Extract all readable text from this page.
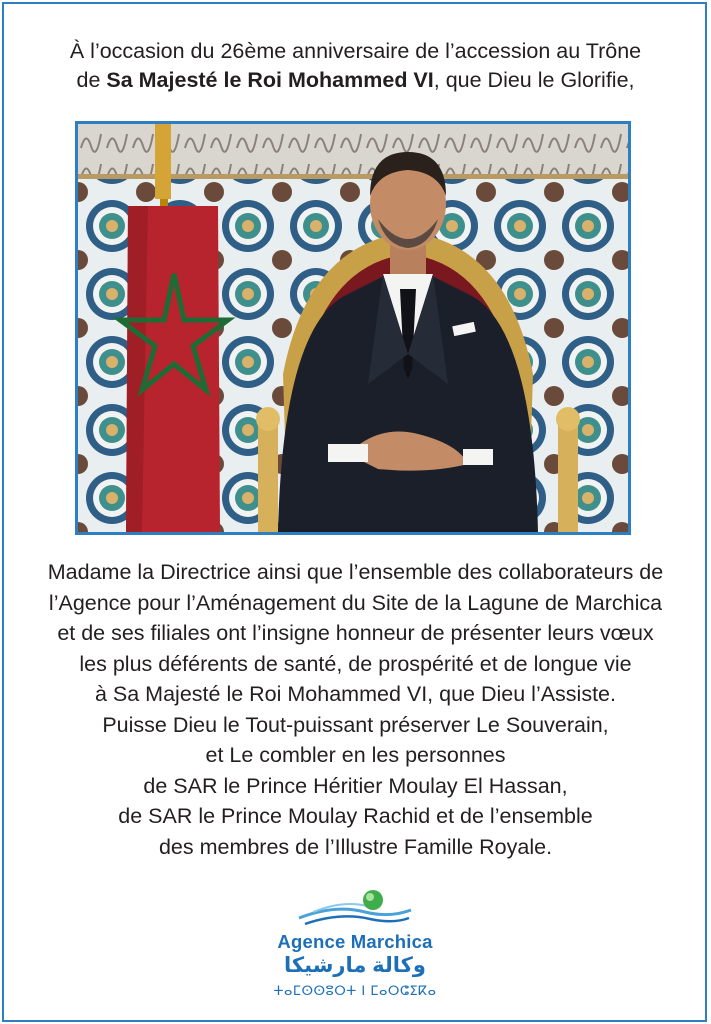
À l’occasion du 26ème anniversaire de l’accession au Trône
de Sa Majesté le Roi Mohammed VI, que Dieu le Glorifie,
Madame la Directrice ainsi que l’ensemble des collaborateurs de
l’Agence pour l’Aménagement du Site de la Lagune de Marchica
et de ses filiales ont l’insigne honneur de présenter leurs vœux
les plus déférents de santé, de prospérité et de longue vie
à Sa Majesté le Roi Mohammed VI, que Dieu l’Assiste.
Puisse Dieu le Tout-puissant préserver Le Souverain,
et Le combler en les personnes
de SAR le Prince Héritier Moulay El Hassan,
de SAR le Prince Moulay Rachid et de l’ensemble
des membres de l’Illustre Famille Royale.
Agence Marchica
وكالة مارشيكا
ⵜⴰⵎⵙⵙⵓⵔⵜ ⵏ ⵎⴰⵔⵛⵉⴽⴰ
